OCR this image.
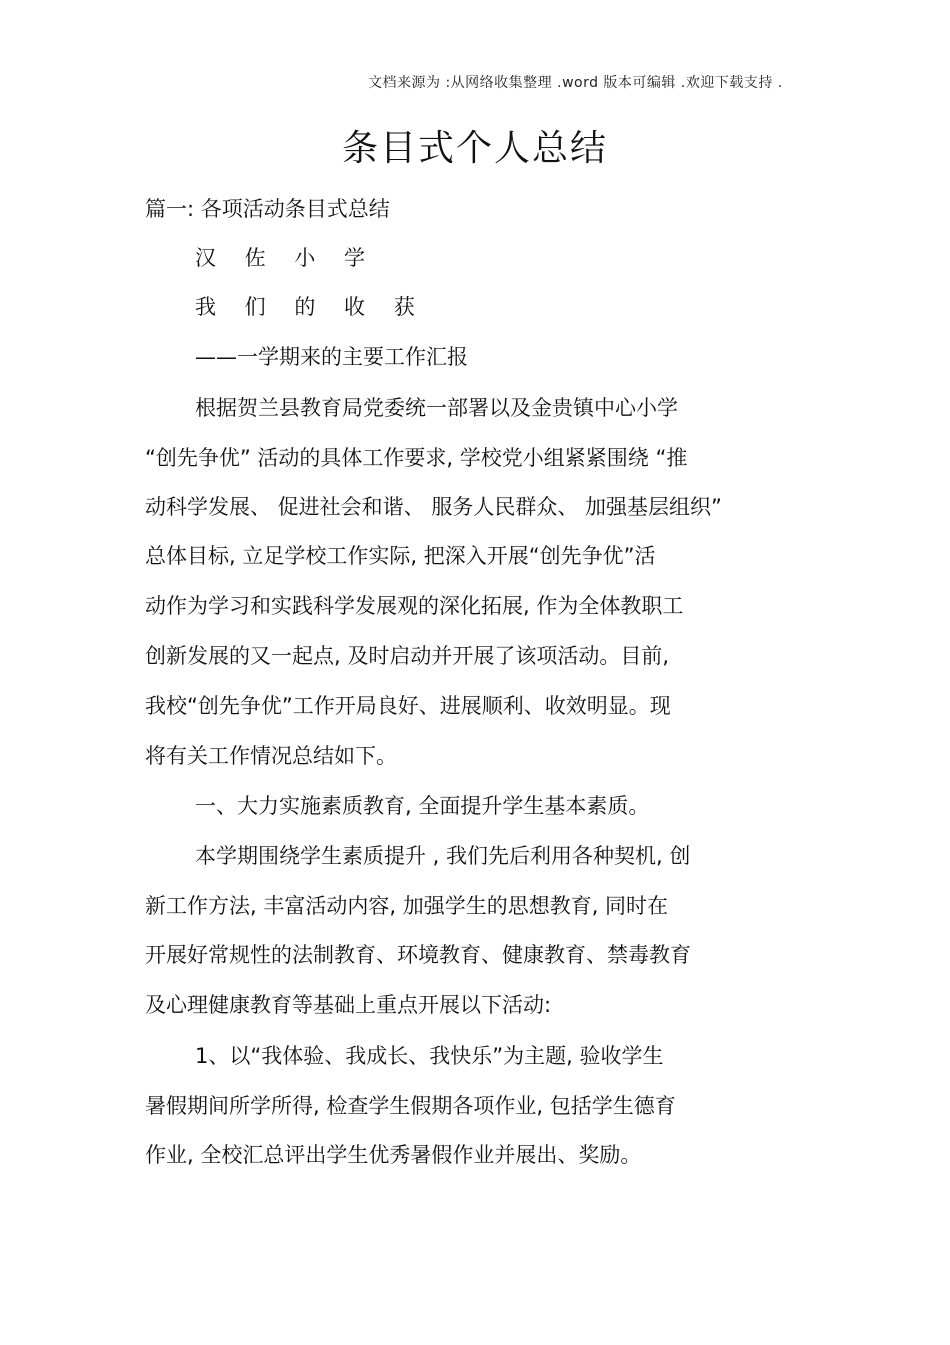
文档来源为 :从网络收集整理 .word 版本可编辑 .欢迎下载支持 .
条目式个人总结
篇一: 各项活动条目式总结
汉 佐 小 学
我 们 的 收 获
——一学期来的主要工作汇报
根据贺兰县教育局党委统一部署以及金贵镇中心小学
“创先争优” 活动的具体工作要求, 学校党小组紧紧围绕 “推
动科学发展、 促进社会和谐、 服务人民群众、 加强基层组织”
总体目标, 立足学校工作实际, 把深入开展“创先争优”活
动作为学习和实践科学发展观的深化拓展, 作为全体教职工
创新发展的又一起点, 及时启动并开展了该项活动。目前,
我校“创先争优”工作开局良好、进展顺利、收效明显。现
将有关工作情况总结如下。
一、大力实施素质教育, 全面提升学生基本素质。
本学期围绕学生素质提升 , 我们先后利用各种契机, 创
新工作方法, 丰富活动内容, 加强学生的思想教育, 同时在
开展好常规性的法制教育、环境教育、健康教育、禁毒教育
及心理健康教育等基础上重点开展以下活动:
1、以“我体验、我成长、我快乐”为主题, 验收学生
暑假期间所学所得, 检查学生假期各项作业, 包括学生德育
作业, 全校汇总评出学生优秀暑假作业并展出、奖励。
